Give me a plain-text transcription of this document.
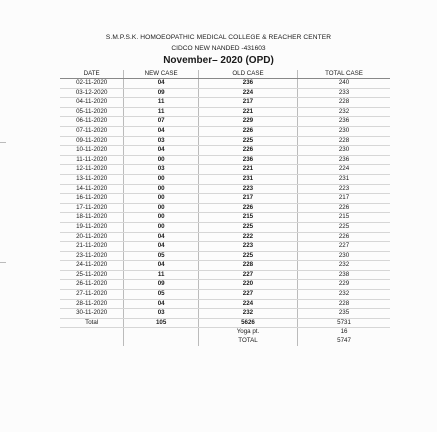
S.M.P.S.K. HOMOEOPATHIC MEDICAL COLLEGE & REACHER CENTER
CIDCO NEW NANDED -431603
November– 2020 (OPD)
DATE	NEW CASE	OLD CASE	TOTAL CASE
02-11-2020	04	236	240
03-12-2020	09	224	233
04-11-2020	11	217	228
05-11-2020	11	221	232
06-11-2020	07	229	236
07-11-2020	04	226	230
09-11-2020	03	225	228
10-11-2020	04	226	230
11-11-2020	00	236	236
12-11-2020	03	221	224
13-11-2020	00	231	231
14-11-2020	00	223	223
16-11-2020	00	217	217
17-11-2020	00	226	226
18-11-2020	00	215	215
19-11-2020	00	225	225
20-11-2020	04	222	226
21-11-2020	04	223	227
23-11-2020	05	225	230
24-11-2020	04	228	232
25-11-2020	11	227	238
26-11-2020	09	220	229
27-11-2020	05	227	232
28-11-2020	04	224	228
30-11-2020	03	232	235
Total	105	5626	5731
		Yoga pt.	16
		TOTAL	5747
